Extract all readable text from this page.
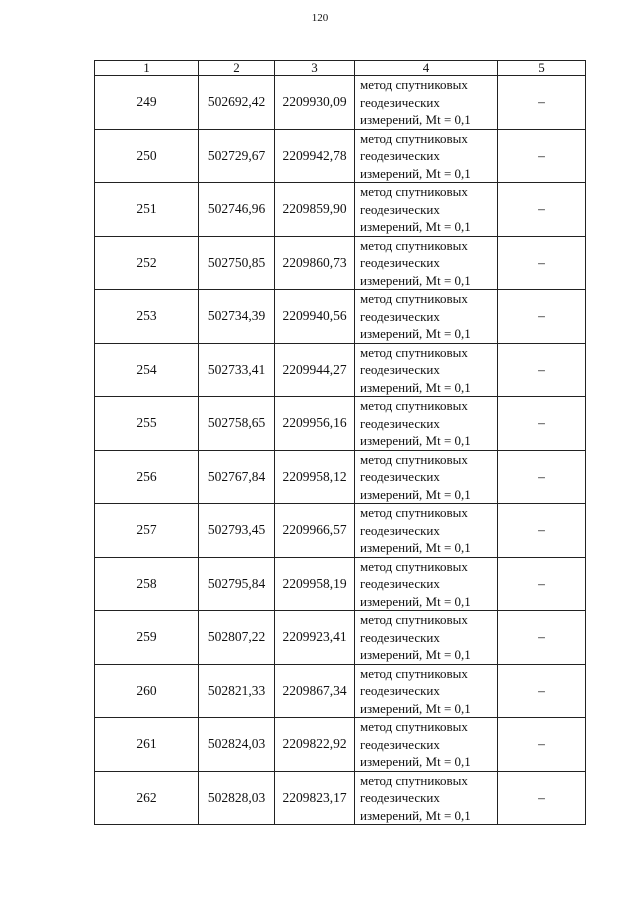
120
1	2	3	4	5
249	502692,42	2209930,09	метод спутниковых
геодезических
измерений, Mt = 0,1	–
250	502729,67	2209942,78	метод спутниковых
геодезических
измерений, Mt = 0,1	–
251	502746,96	2209859,90	метод спутниковых
геодезических
измерений, Mt = 0,1	–
252	502750,85	2209860,73	метод спутниковых
геодезических
измерений, Mt = 0,1	–
253	502734,39	2209940,56	метод спутниковых
геодезических
измерений, Mt = 0,1	–
254	502733,41	2209944,27	метод спутниковых
геодезических
измерений, Mt = 0,1	–
255	502758,65	2209956,16	метод спутниковых
геодезических
измерений, Mt = 0,1	–
256	502767,84	2209958,12	метод спутниковых
геодезических
измерений, Mt = 0,1	–
257	502793,45	2209966,57	метод спутниковых
геодезических
измерений, Mt = 0,1	–
258	502795,84	2209958,19	метод спутниковых
геодезических
измерений, Mt = 0,1	–
259	502807,22	2209923,41	метод спутниковых
геодезических
измерений, Mt = 0,1	–
260	502821,33	2209867,34	метод спутниковых
геодезических
измерений, Mt = 0,1	–
261	502824,03	2209822,92	метод спутниковых
геодезических
измерений, Mt = 0,1	–
262	502828,03	2209823,17	метод спутниковых
геодезических
измерений, Mt = 0,1	–
